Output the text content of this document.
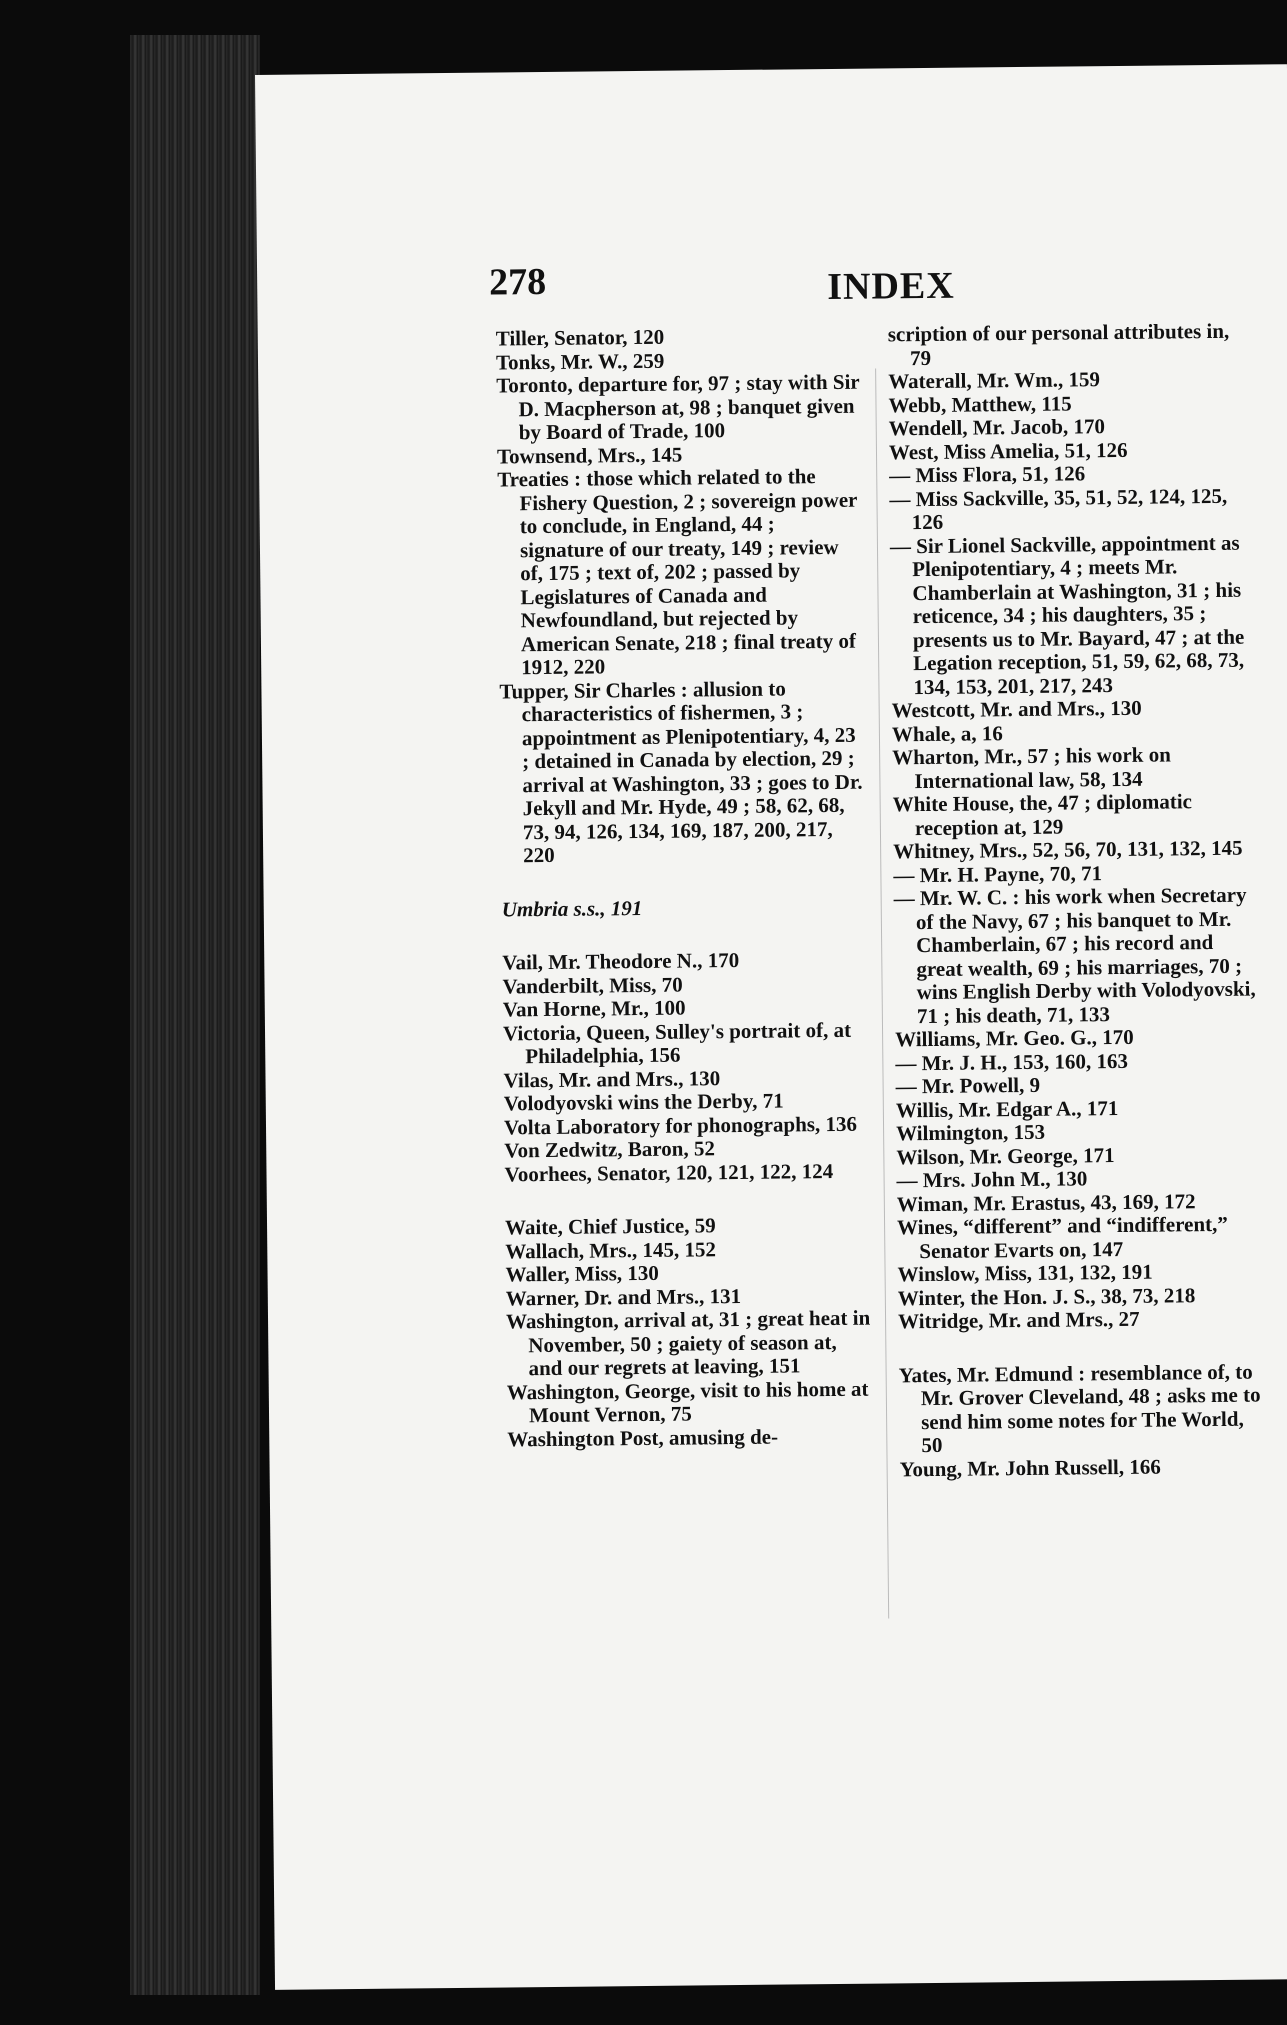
278	INDEX
Tiller, Senator, 120
Tonks, Mr. W., 259
Toronto, departure for, 97 ; stay with Sir D. Macpherson at, 98 ; banquet given by Board of Trade, 100
Townsend, Mrs., 145
Treaties : those which related to the Fishery Question, 2 ; sovereign power to conclude, in England, 44 ; signature of our treaty, 149 ; review of, 175 ; text of, 202 ; passed by Legislatures of Canada and Newfoundland, but rejected by American Senate, 218 ; final treaty of 1912, 220
Tupper, Sir Charles : allusion to characteristics of fishermen, 3 ; appointment as Plenipotentiary, 4, 23 ; detained in Canada by election, 29 ; arrival at Washington, 33 ; goes to Dr. Jekyll and Mr. Hyde, 49 ; 58, 62, 68, 73, 94, 126, 134, 169, 187, 200, 217, 220
Umbria s.s., 191
Vail, Mr. Theodore N., 170
Vanderbilt, Miss, 70
Van Horne, Mr., 100
Victoria, Queen, Sulley's portrait of, at Philadelphia, 156
Vilas, Mr. and Mrs., 130
Volodyovski wins the Derby, 71
Volta Laboratory for phonographs, 136
Von Zedwitz, Baron, 52
Voorhees, Senator, 120, 121, 122, 124
Waite, Chief Justice, 59
Wallach, Mrs., 145, 152
Waller, Miss, 130
Warner, Dr. and Mrs., 131
Washington, arrival at, 31 ; great heat in November, 50 ; gaiety of season at, and our regrets at leaving, 151
Washington, George, visit to his home at Mount Vernon, 75
Washington Post, amusing de-
scription of our personal attributes in, 79
Waterall, Mr. Wm., 159
Webb, Matthew, 115
Wendell, Mr. Jacob, 170
West, Miss Amelia, 51, 126
— Miss Flora, 51, 126
— Miss Sackville, 35, 51, 52, 124, 125, 126
— Sir Lionel Sackville, appointment as Plenipotentiary, 4 ; meets Mr. Chamberlain at Washington, 31 ; his reticence, 34 ; his daughters, 35 ; presents us to Mr. Bayard, 47 ; at the Legation reception, 51, 59, 62, 68, 73, 134, 153, 201, 217, 243
Westcott, Mr. and Mrs., 130
Whale, a, 16
Wharton, Mr., 57 ; his work on International law, 58, 134
White House, the, 47 ; diplomatic reception at, 129
Whitney, Mrs., 52, 56, 70, 131, 132, 145
— Mr. H. Payne, 70, 71
— Mr. W. C. : his work when Secretary of the Navy, 67 ; his banquet to Mr. Chamberlain, 67 ; his record and great wealth, 69 ; his marriages, 70 ; wins English Derby with Volodyovski, 71 ; his death, 71, 133
Williams, Mr. Geo. G., 170
— Mr. J. H., 153, 160, 163
— Mr. Powell, 9
Willis, Mr. Edgar A., 171
Wilmington, 153
Wilson, Mr. George, 171
— Mrs. John M., 130
Wiman, Mr. Erastus, 43, 169, 172
Wines, “different” and “indifferent,” Senator Evarts on, 147
Winslow, Miss, 131, 132, 191
Winter, the Hon. J. S., 38, 73, 218
Witridge, Mr. and Mrs., 27
Yates, Mr. Edmund : resemblance of, to Mr. Grover Cleveland, 48 ; asks me to send him some notes for The World, 50
Young, Mr. John Russell, 166
